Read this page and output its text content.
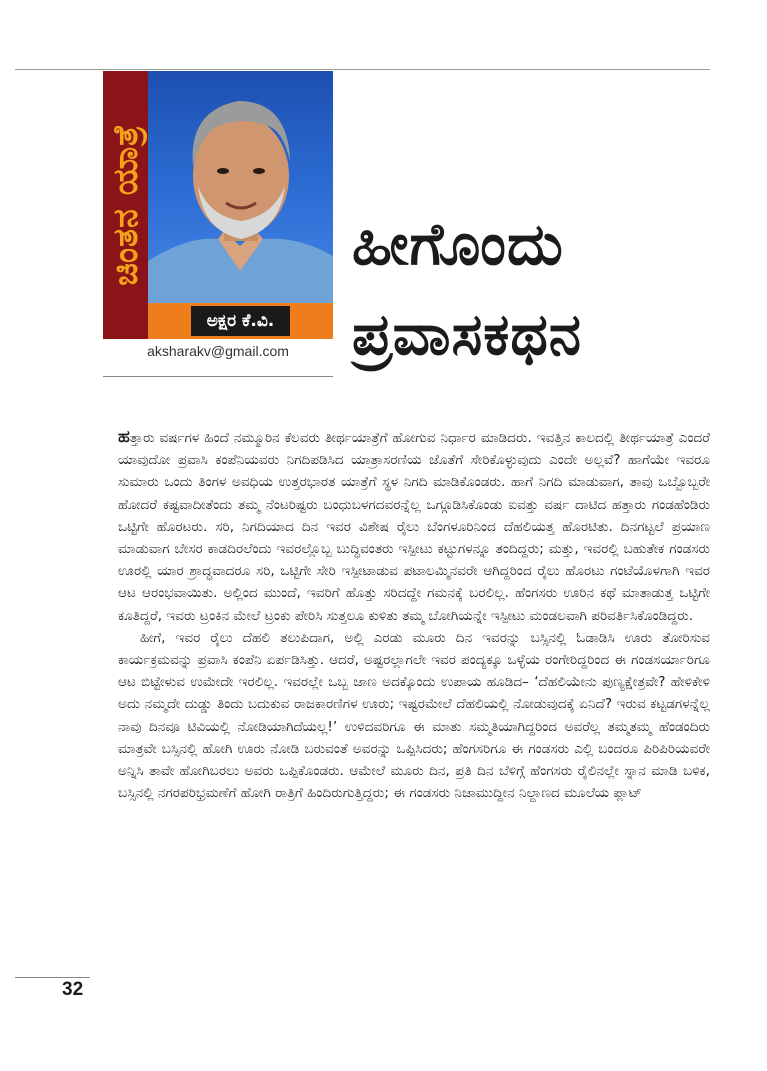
ಚಿಂತನ ಯಾತ್ರೆ
ಅಕ್ಷರ ಕೆ.ವಿ.
aksharakv@gmail.com
ಹೀಗೊಂದು
ಪ್ರವಾಸಕಥನ

ಹತ್ತಾರು ವರ್ಷಗಳ ಹಿಂದೆ ನಮ್ಮೂರಿನ ಕೆಲವರು ತೀರ್ಥಯಾತ್ರೆಗೆ ಹೋಗುವ ನಿರ್ಧಾರ ಮಾಡಿದರು. ಇವತ್ತಿನ ಕಾಲದಲ್ಲಿ ತೀರ್ಥಯಾತ್ರೆ ಎಂದರೆ ಯಾವುದೋ ಪ್ರವಾಸಿ ಕಂಪೆನಿಯವರು ನಿಗದಿಪಡಿಸಿದ ಯಾತ್ರಾಸರಣಿಯ ಜೊತೆಗೆ ಸೇರಿಕೊಳ್ಳುವುದು ಎಂದೇ ಅಲ್ಲವೆ? ಹಾಗೆಯೇ ಇವರೂ ಸುಮಾರು ಒಂದು ತಿಂಗಳ ಅವಧಿಯ ಉತ್ತರಭಾರತ ಯಾತ್ರೆಗೆ ಸ್ಥಳ ನಿಗದಿ ಮಾಡಿಕೊಂಡರು. ಹಾಗೆ ನಿಗದಿ ಮಾಡುವಾಗ, ತಾವು ಒಬ್ಬೊಬ್ಬರೇ ಹೋದರೆ ಕಷ್ಟವಾದೀತೆಂದು ತಮ್ಮ ನೆಂಟರಿಷ್ಟರು ಬಂಧುಬಳಗದವರನ್ನೆಲ್ಲ ಒಗ್ಗೂಡಿಸಿಕೊಂಡು ಐವತ್ತು ವರ್ಷ ದಾಟಿದ ಹತ್ತಾರು ಗಂಡಹೆಂಡಿರು ಒಟ್ಟಿಗೇ ಹೊರಟರು. ಸರಿ, ನಿಗದಿಯಾದ ದಿನ ಇವರ ವಿಶೇಷ ರೈಲು ಬೆಂಗಳೂರಿನಿಂದ ದೆಹಲಿಯತ್ತ ಹೊರಟಿತು. ದಿನಗಟ್ಟಲೆ ಪ್ರಯಾಣ ಮಾಡುವಾಗ ಬೇಸರ ಕಾಡದಿರಲೆಂದು ಇವರಲ್ಲೊಬ್ಬ ಬುದ್ಧಿವಂತರು ಇಸ್ಪೀಟು ಕಟ್ಟುಗಳನ್ನೂ ತಂದಿದ್ದರು; ಮತ್ತು, ಇವರಲ್ಲಿ ಬಹುತೇಕ ಗಂಡಸರು ಊರಲ್ಲಿ ಯಾರ ಶ್ರಾದ್ಧವಾದರೂ ಸರಿ, ಒಟ್ಟಿಗೇ ಸೇರಿ ಇಸ್ಪೀಟಾಡುವ ಪಟಾಲಮ್ಮಿನವರೇ ಆಗಿದ್ದರಿಂದ ರೈಲು ಹೊರಟು ಗಂಟೆಯೊಳಗಾಗಿ ಇವರ ಆಟ ಆರಂಭವಾಯಿತು. ಅಲ್ಲಿಂದ ಮುಂದೆ, ಇವರಿಗೆ ಹೊತ್ತು ಸರಿದದ್ದೇ ಗಮನಕ್ಕೆ ಬರಲಿಲ್ಲ. ಹೆಂಗಸರು ಊರಿನ ಕಥೆ ಮಾತಾಡುತ್ತ ಒಟ್ಟಿಗೇ ಕೂತಿದ್ದರೆ, ಇವರು ಟ್ರಂಕಿನ ಮೇಲೆ ಟ್ರಂಕು ಪೇರಿಸಿ ಸುತ್ತಲೂ ಕುಳಿತು ತಮ್ಮ ಬೋಗಿಯನ್ನೇ ಇಸ್ಪೀಟು ಮಂಡಲವಾಗಿ ಪರಿವರ್ತಿಸಿಕೊಂಡಿದ್ದರು.

ಹೀಗೆ, ಇವರ ರೈಲು ದೆಹಲಿ ತಲುಪಿದಾಗ, ಅಲ್ಲಿ ಎರಡು ಮೂರು ದಿನ ಇವರನ್ನು ಬಸ್ಸಿನಲ್ಲಿ ಓಡಾಡಿಸಿ ಊರು ತೋರಿಸುವ ಕಾರ್ಯಕ್ರಮವನ್ನು ಪ್ರವಾಸಿ ಕಂಪೆನಿ ಏರ್ಪಡಿಸಿತ್ತು. ಆದರೆ, ಅಷ್ಟರಲ್ಲಾಗಲೇ ಇವರ ಪಂದ್ಯಕ್ಕೂ ಒಳ್ಳೆಯ ರಂಗೇರಿದ್ದರಿಂದ ಈ ಗಂಡಸರ್ಯಾರಿಗೂ ಆಟ ಬಿಟ್ಟೇಳುವ ಉಮೇದೇ ಇರಲಿಲ್ಲ. ಇವರಲ್ಲೇ ಒಬ್ಬ ಜಾಣ ಅದಕ್ಕೊಂದು ಉಪಾಯ ಹೂಡಿದ– ‘ದೆಹಲಿಯೇನು ಪುಣ್ಯಕ್ಷೇತ್ರವೇ? ಹೇಳಿಕೇಳಿ ಅದು ನಮ್ಮದೇ ದುಡ್ಡು ತಿಂದು ಬದುಕುವ ರಾಜಕಾರಣಿಗಳ ಊರು; ಇಷ್ಟರಮೇಲೆ ದೆಹಲಿಯಲ್ಲಿ ನೋಡುವುದಕ್ಕೆ ಏನಿದೆ? ಇರುವ ಕಟ್ಟಡಗಳನ್ನೆಲ್ಲ ನಾವು ದಿನವೂ ಟಿವಿಯಲ್ಲಿ ನೋಡಿಯಾಗಿದೆಯಲ್ಲ!’ ಉಳಿದವರಿಗೂ ಈ ಮಾತು ಸಮ್ಮತಿಯಾಗಿದ್ದರಿಂದ ಅವರೆಲ್ಲ ತಮ್ಮತಮ್ಮ ಹೆಂಡಂದಿರು ಮಾತ್ರವೇ ಬಸ್ಸಿನಲ್ಲಿ ಹೋಗಿ ಊರು ನೋಡಿ ಬರುವಂತೆ ಅವರನ್ನು ಒಪ್ಪಿಸಿದರು; ಹೆಂಗಸರಿಗೂ ಈ ಗಂಡಸರು ಎಲ್ಲಿ ಬಂದರೂ ಪಿರಿಪಿರಿಯವರೇ ಅನ್ನಿಸಿ ತಾವೇ ಹೋಗಿಬರಲು ಅವರು ಒಪ್ಪಿಕೊಂಡರು. ಆಮೇಲೆ ಮೂರು ದಿನ, ಪ್ರತಿ ದಿನ ಬೆಳಿಗ್ಗೆ ಹೆಂಗಸರು ರೈಲಿನಲ್ಲೇ ಸ್ನಾನ ಮಾಡಿ ಬಳಿಕ, ಬಸ್ಸಿನಲ್ಲಿ ನಗರಪರಿಭ್ರಮಣೆಗೆ ಹೋಗಿ ರಾತ್ರಿಗೆ ಹಿಂದಿರುಗುತ್ತಿದ್ದರು; ಈ ಗಂಡಸರು ನಿಜಾಮುದ್ದೀನ ನಿಲ್ದಾಣದ ಮೂಲೆಯ ಪ್ಲಾಟ್

32
